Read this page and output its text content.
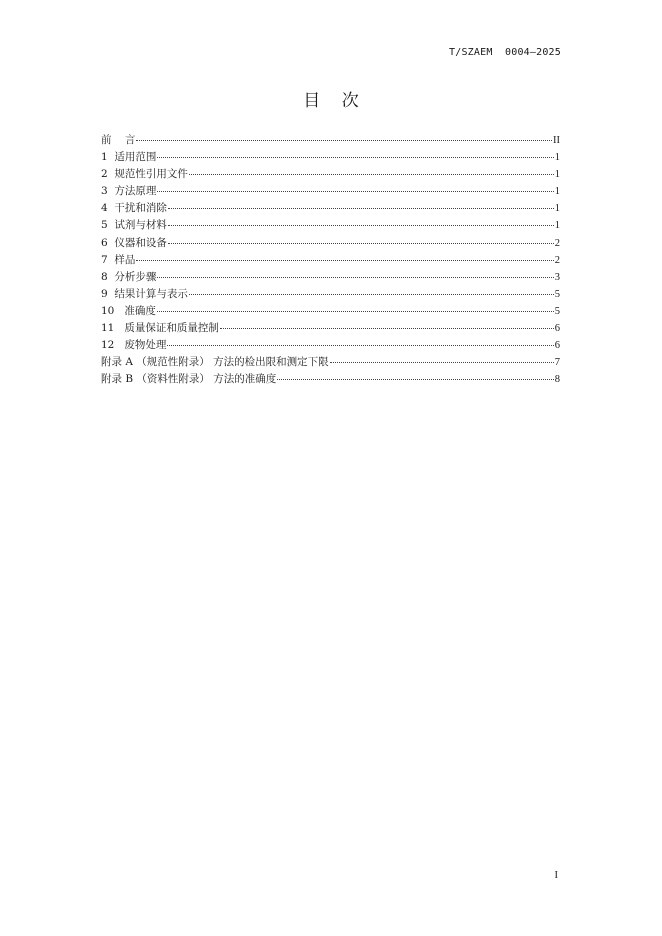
T/SZAEM  0004—2025
目    次
前    言	II
1  适用范围	1
2  规范性引用文件	1
3  方法原理	1
4  干扰和消除	1
5  试剂与材料	1
6  仪器和设备	2
7  样品	2
8  分析步骤	3
9  结果计算与表示	5
10   准确度	5
11   质量保证和质量控制	6
12   废物处理	6
附录 A （规范性附录） 方法的检出限和测定下限	7
附录 B （资料性附录） 方法的准确度	8
I
